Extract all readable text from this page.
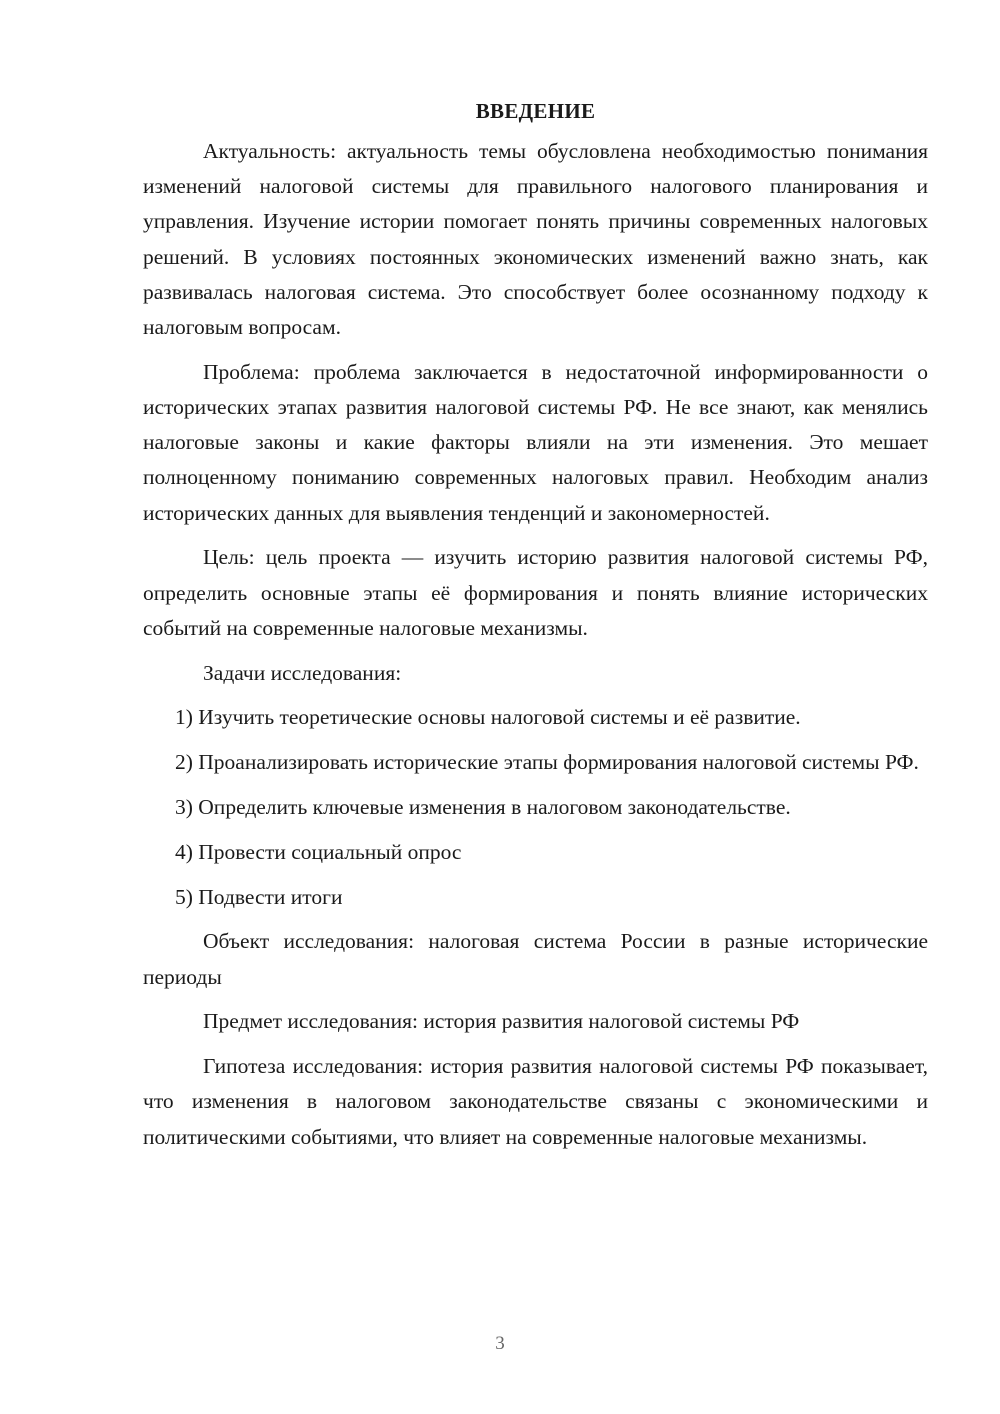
ВВЕДЕНИЕ

Актуальность: актуальность темы обусловлена необходимостью понимания изменений налоговой системы для правильного налогового планирования и управления. Изучение истории помогает понять причины современных налоговых решений. В условиях постоянных экономических изменений важно знать, как развивалась налоговая система. Это способствует более осознанному подходу к налоговым вопросам.

Проблема: проблема заключается в недостаточной информированности о исторических этапах развития налоговой системы РФ. Не все знают, как менялись налоговые законы и какие факторы влияли на эти изменения. Это мешает полноценному пониманию современных налоговых правил. Необходим анализ исторических данных для выявления тенденций и закономерностей.

Цель: цель проекта — изучить историю развития налоговой системы РФ, определить основные этапы её формирования и понять влияние исторических событий на современные налоговые механизмы.

Задачи исследования:

1) Изучить теоретические основы налоговой системы и её развитие.

2) Проанализировать исторические этапы формирования налоговой системы РФ.

3) Определить ключевые изменения в налоговом законодательстве.

4) Провести социальный опрос

5) Подвести итоги

Объект исследования: налоговая система России в разные исторические периоды

Предмет исследования: история развития налоговой системы РФ

Гипотеза исследования: история развития налоговой системы РФ показывает, что изменения в налоговом законодательстве связаны с экономическими и политическими событиями, что влияет на современные налоговые механизмы.

3
